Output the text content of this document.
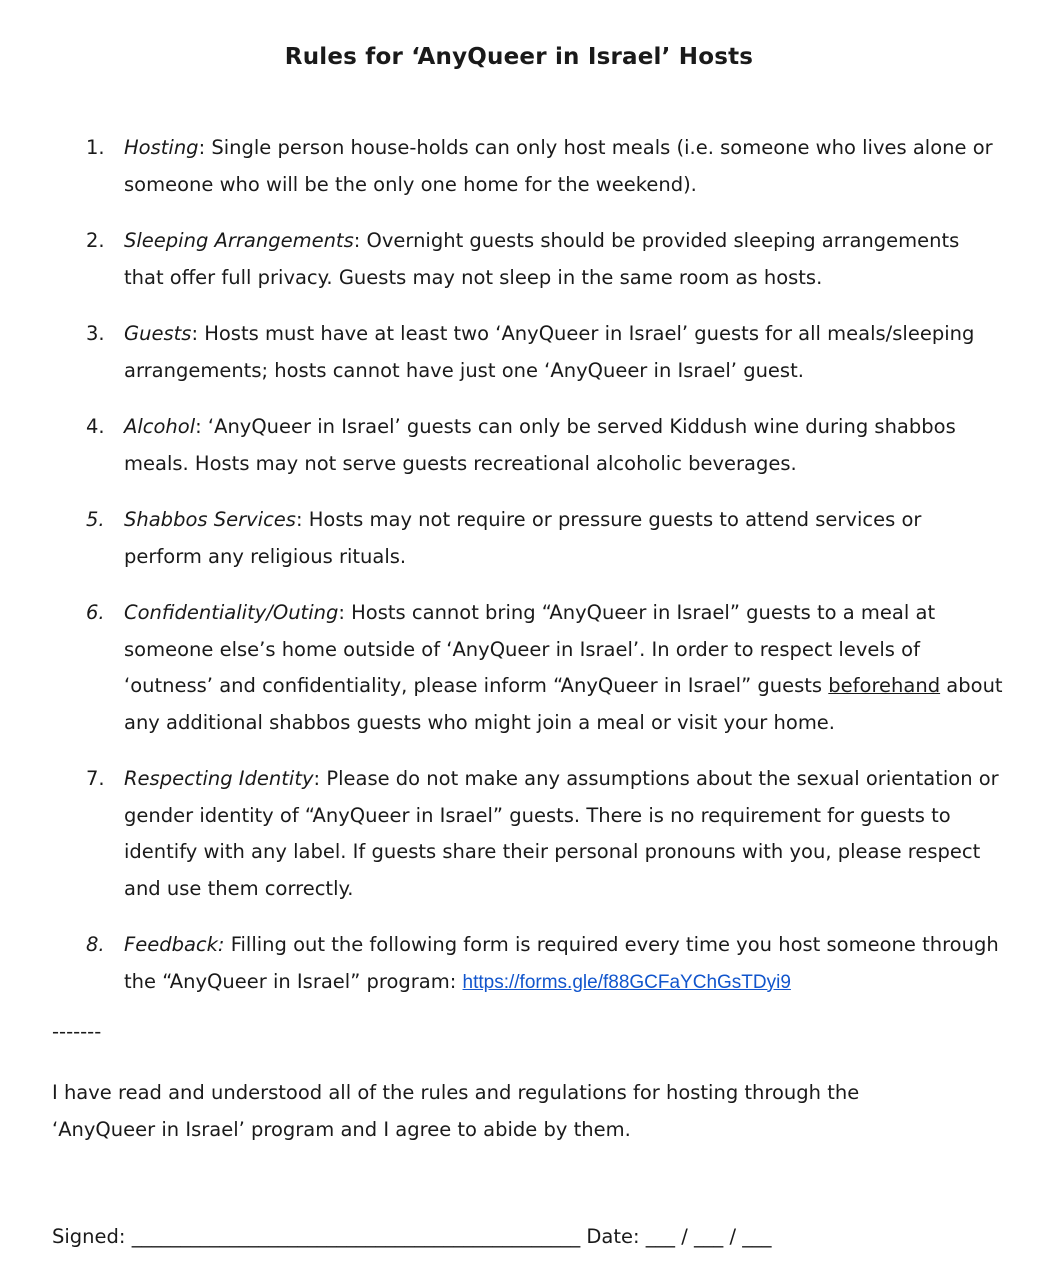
Rules for ‘AnyQueer in Israel’ Hosts
1. Hosting: Single person house-holds can only host meals (i.e. someone who lives alone or someone who will be the only one home for the weekend).
2. Sleeping Arrangements: Overnight guests should be provided sleeping arrangements that offer full privacy. Guests may not sleep in the same room as hosts.
3. Guests: Hosts must have at least two ‘AnyQueer in Israel’ guests for all meals/sleeping arrangements; hosts cannot have just one ‘AnyQueer in Israel’ guest.
4. Alcohol: ‘AnyQueer in Israel’ guests can only be served Kiddush wine during shabbos meals. Hosts may not serve guests recreational alcoholic beverages.
5. Shabbos Services: Hosts may not require or pressure guests to attend services or perform any religious rituals.
6. Confidentiality/Outing: Hosts cannot bring “AnyQueer in Israel” guests to a meal at someone else’s home outside of ‘AnyQueer in Israel’. In order to respect levels of ‘outness’ and confidentiality, please inform “AnyQueer in Israel” guests beforehand about any additional shabbos guests who might join a meal or visit your home.
7. Respecting Identity: Please do not make any assumptions about the sexual orientation or gender identity of “AnyQueer in Israel” guests. There is no requirement for guests to identify with any label. If guests share their personal pronouns with you, please respect and use them correctly.
8. Feedback: Filling out the following form is required every time you host someone through the “AnyQueer in Israel” program: https://forms.gle/f88GCFaYChGsTDyi9
-------
I have read and understood all of the rules and regulations for hosting through the ‘AnyQueer in Israel’ program and I agree to abide by them.
Signed: ______________________________________________ Date: ___ / ___ / ___
